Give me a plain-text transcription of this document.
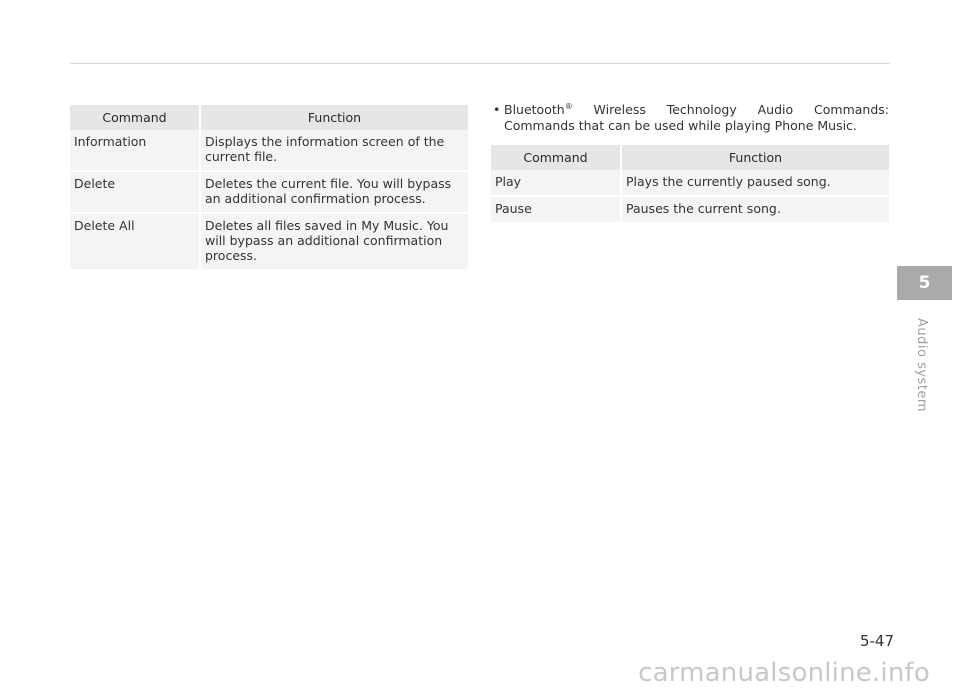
Command	Function
Information	Displays the information screen of the current file.
Delete	Deletes the current file. You will bypass an additional confirmation process.
Delete All	Deletes all files saved in My Music. You will bypass an additional confirmation process.
• Bluetooth® Wireless Technology Audio Commands: Commands that can be used while playing Phone Music.
Command	Function
Play	Plays the currently paused song.
Pause	Pauses the current song.
5
Audio system
5-47
carmanualsonline.info
